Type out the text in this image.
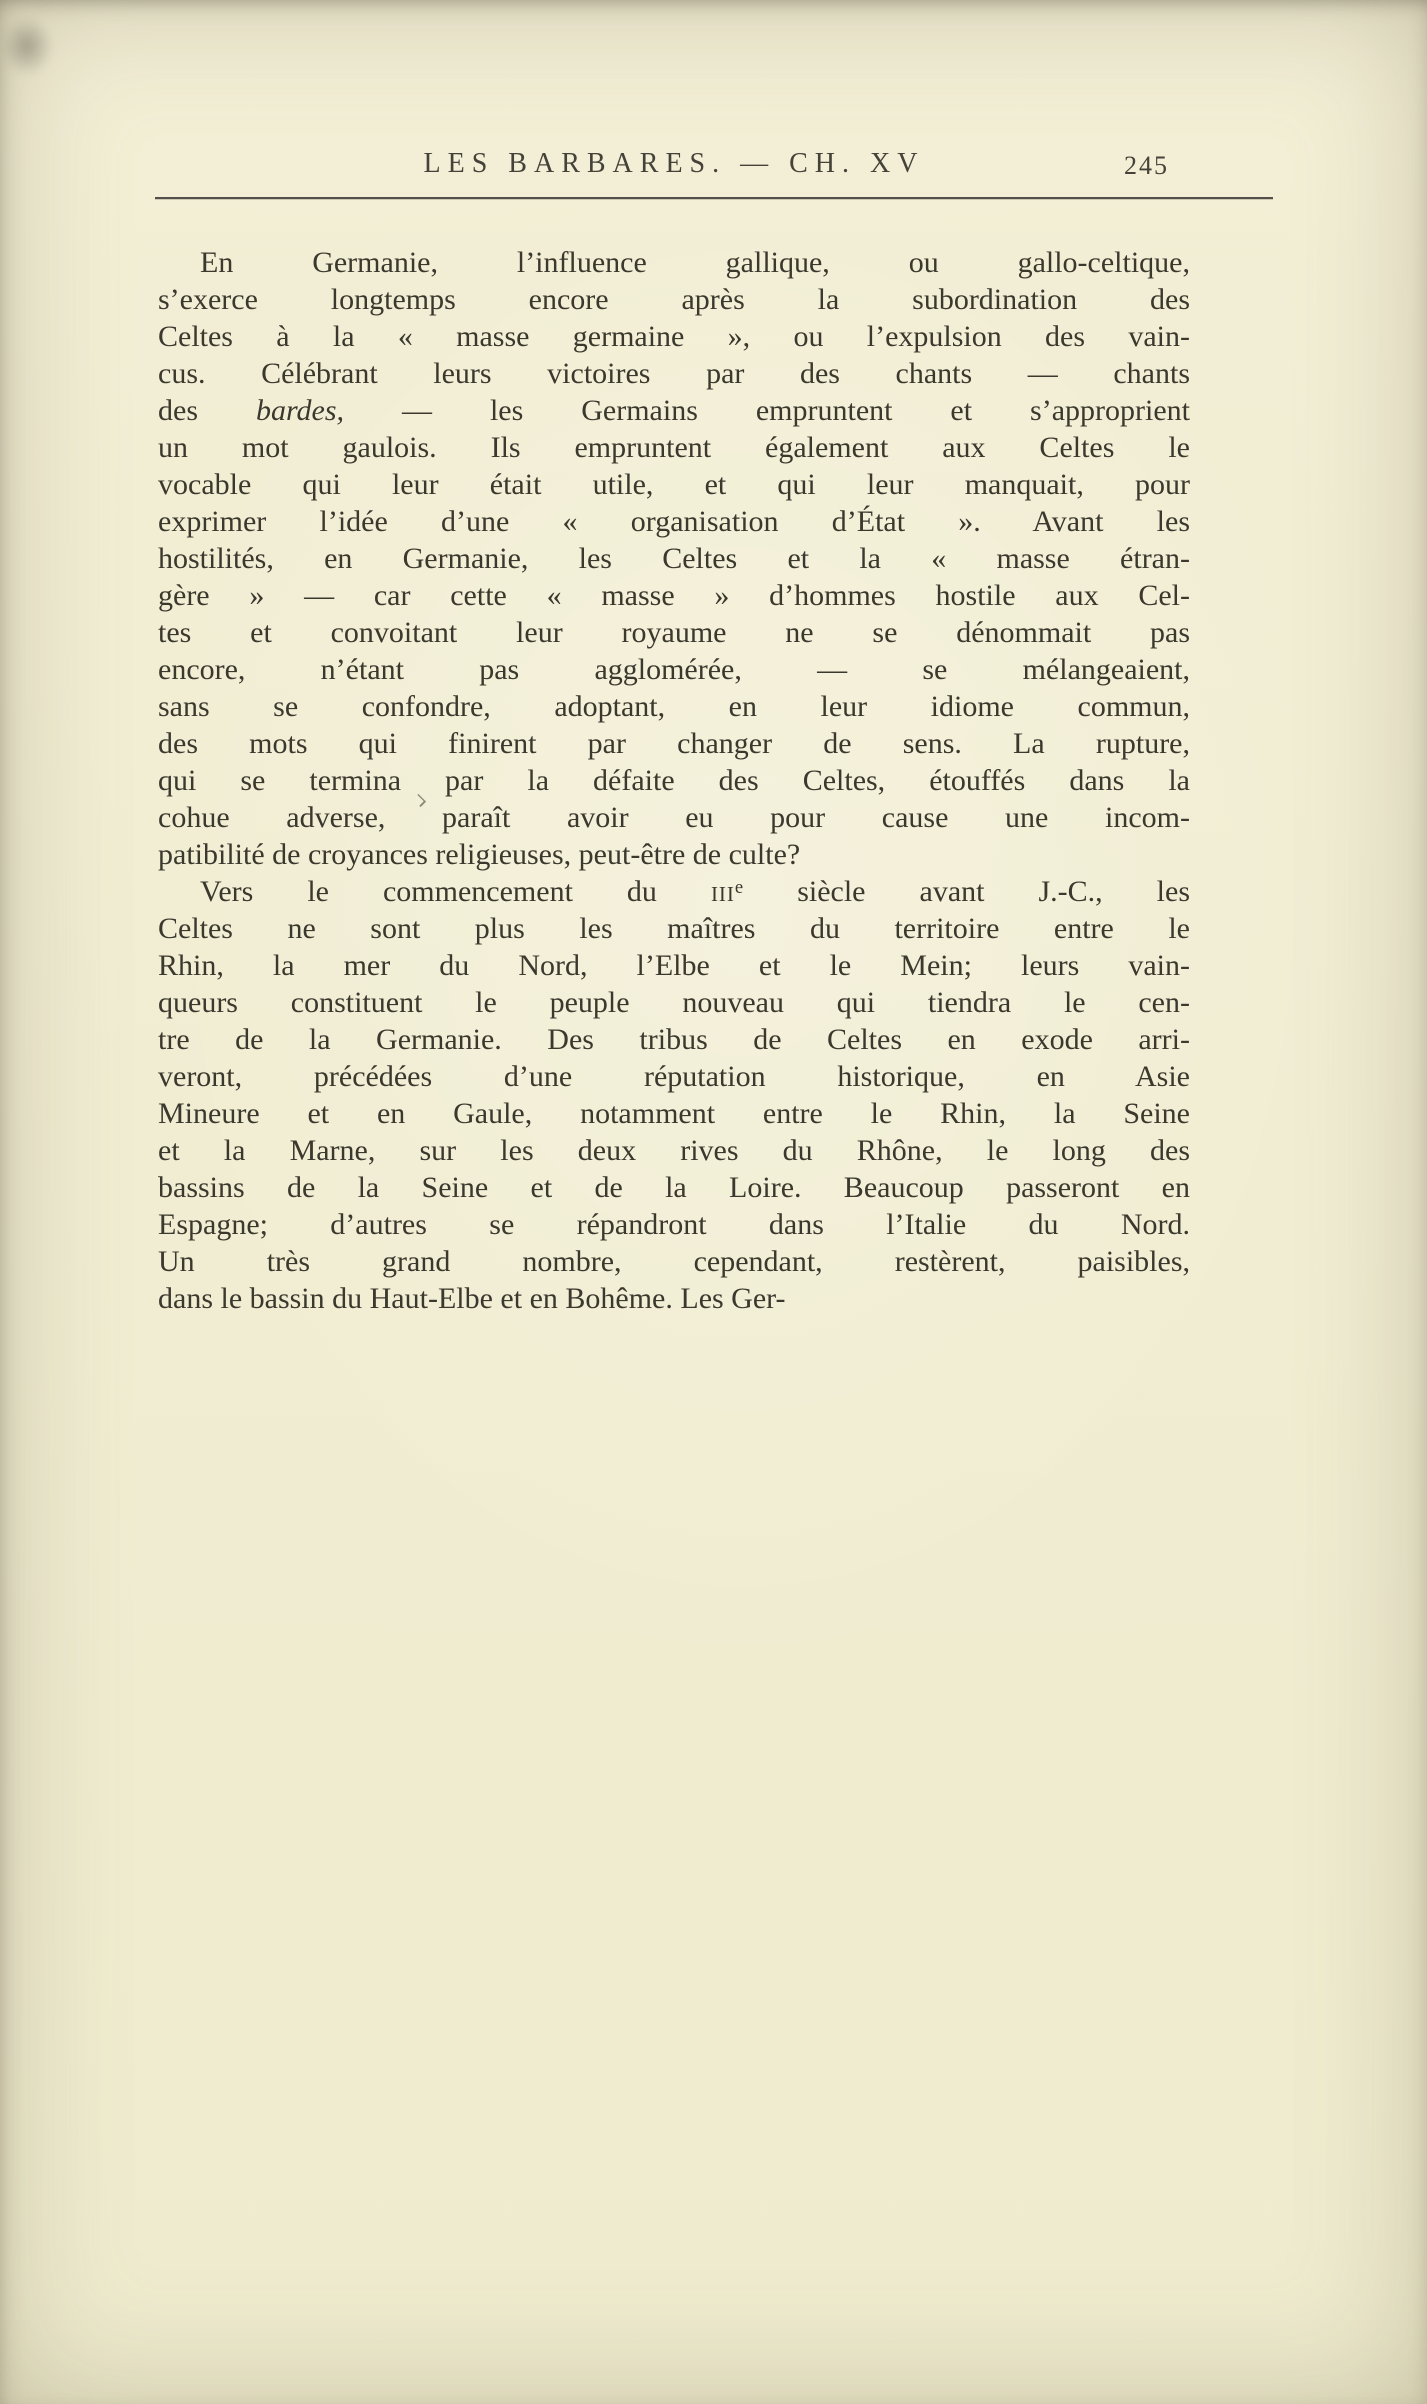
LES BARBARES. — CH. XV	245
En Germanie, l’influence gallique, ou gallo-celtique,
s’exerce longtemps encore après la subordination des
Celtes à la « masse germaine », ou l’expulsion des vain-
cus. Célébrant leurs victoires par des chants — chants
des bardes, — les Germains empruntent et s’approprient
un mot gaulois. Ils empruntent également aux Celtes le
vocable qui leur était utile, et qui leur manquait, pour
exprimer l’idée d’une « organisation d’État ». Avant les
hostilités, en Germanie, les Celtes et la « masse étran-
gère » — car cette « masse » d’hommes hostile aux Cel-
tes et convoitant leur royaume ne se dénommait pas
encore, n’étant pas agglomérée, — se mélangeaient,
sans se confondre, adoptant, en leur idiome commun,
des mots qui finirent par changer de sens. La rupture,
qui se termina par la défaite des Celtes, étouffés dans la
cohue adverse, paraît avoir eu pour cause une incom-
patibilité de croyances religieuses, peut-être de culte?
Vers le commencement du iii$^e$ siècle avant J.-C., les
Celtes ne sont plus les maîtres du territoire entre le
Rhin, la mer du Nord, l’Elbe et le Mein; leurs vain-
queurs constituent le peuple nouveau qui tiendra le cen-
tre de la Germanie. Des tribus de Celtes en exode arri-
veront, précédées d’une réputation historique, en Asie
Mineure et en Gaule, notamment entre le Rhin, la Seine
et la Marne, sur les deux rives du Rhône, le long des
bassins de la Seine et de la Loire. Beaucoup passeront en
Espagne; d’autres se répandront dans l’Italie du Nord.
Un très grand nombre, cependant, restèrent, paisibles,
dans le bassin du Haut-Elbe et en Bohême. Les Ger-
